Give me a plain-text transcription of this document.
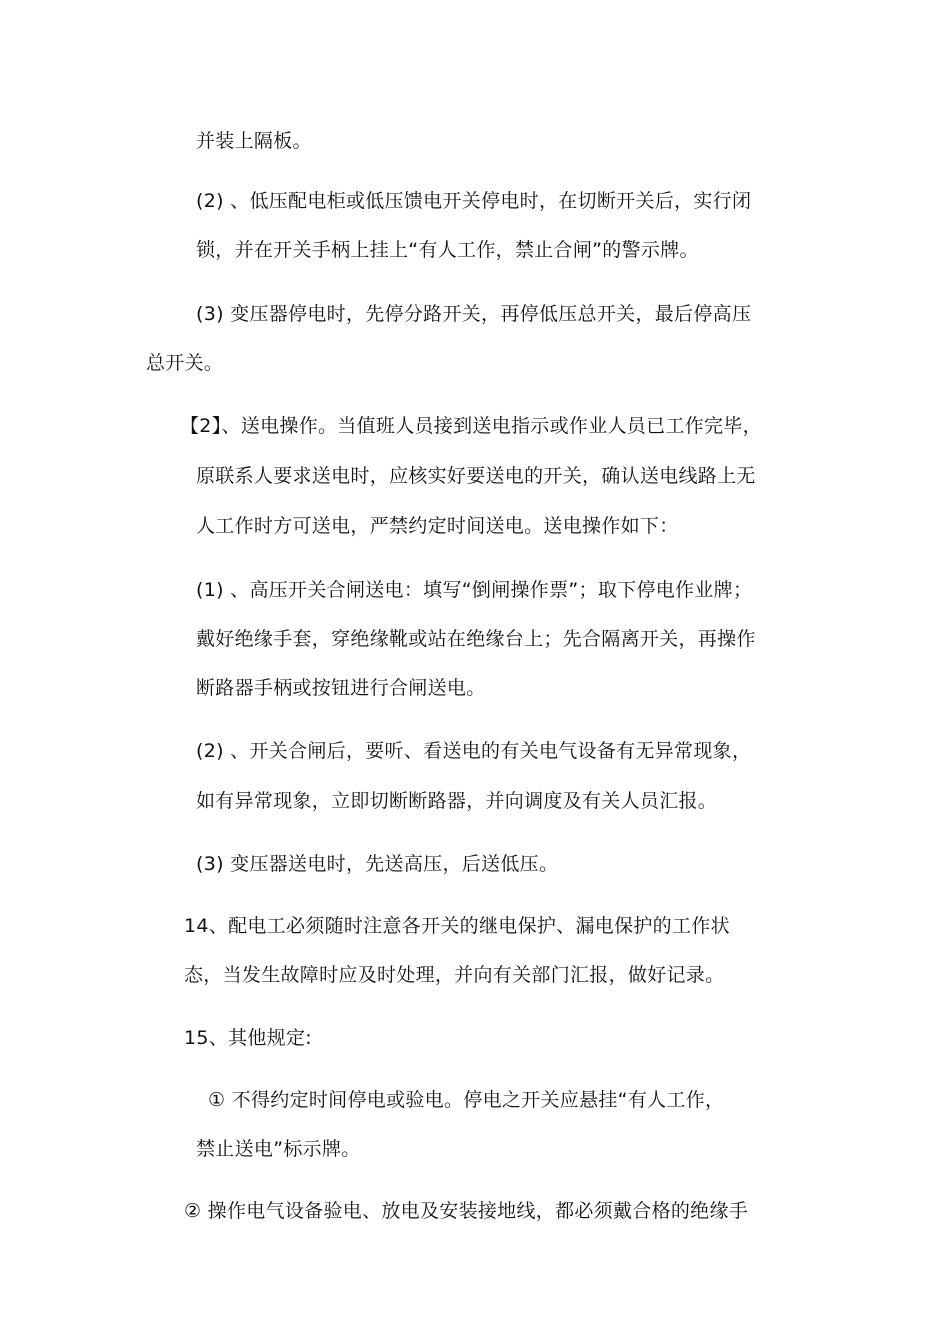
并装上隔板。
(2) 、低压配电柜或低压馈电开关停电时，在切断开关后，实行闭
锁，并在开关手柄上挂上“有人工作，禁止合闸”的警示牌。
(3) 变压器停电时，先停分路开关，再停低压总开关，最后停高压
总开关。
【2】、送电操作。当值班人员接到送电指示或作业人员已工作完毕，
原联系人要求送电时，应核实好要送电的开关，确认送电线路上无
人工作时方可送电，严禁约定时间送电。送电操作如下：
(1) 、高压开关合闸送电：填写“倒闸操作票”；取下停电作业牌；
戴好绝缘手套，穿绝缘靴或站在绝缘台上；先合隔离开关，再操作
断路器手柄或按钮进行合闸送电。
(2) 、开关合闸后，要听、看送电的有关电气设备有无异常现象，
如有异常现象，立即切断断路器，并向调度及有关人员汇报。
(3) 变压器送电时，先送高压，后送低压。
14、配电工必须随时注意各开关的继电保护、漏电保护的工作状
态，当发生故障时应及时处理，并向有关部门汇报，做好记录。
15、其他规定:
① 不得约定时间停电或验电。停电之开关应悬挂“有人工作，
禁止送电”标示牌。
② 操作电气设备验电、放电及安装接地线，都必须戴合格的绝缘手
